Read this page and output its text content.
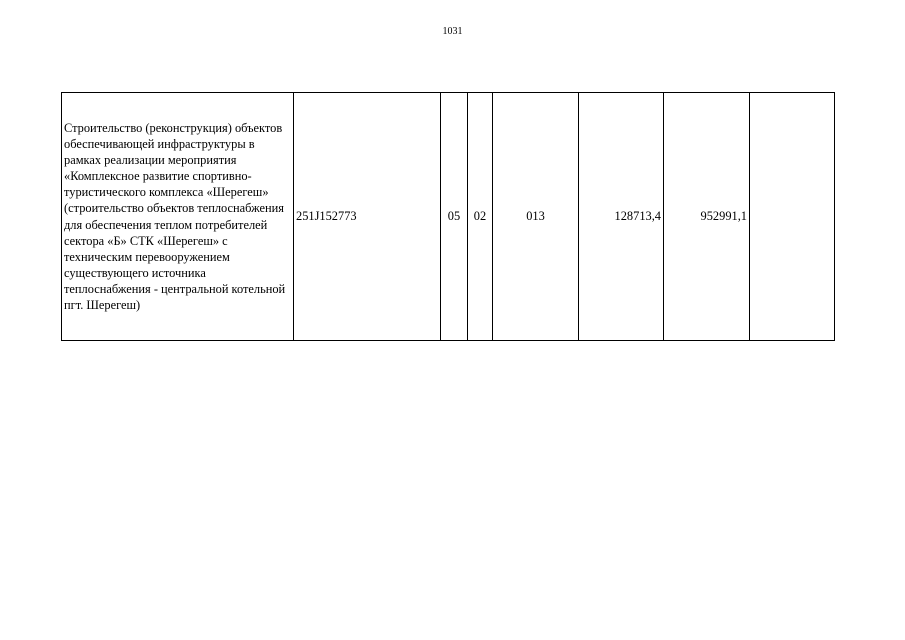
1031
Строительство (реконструкция) объектов обеспечивающей инфраструктуры в рамках реализации мероприятия «Комплексное развитие спортивно-туристического комплекса «Шерегеш» (строительство объектов теплоснабжения для обеспечения теплом потребителей сектора «Б» СТК «Шерегеш» с техническим перевооружением существующего источника теплоснабжения - центральной котельной пгт. Шерегеш)	251J152773	05	02	013	128713,4	952991,1	
